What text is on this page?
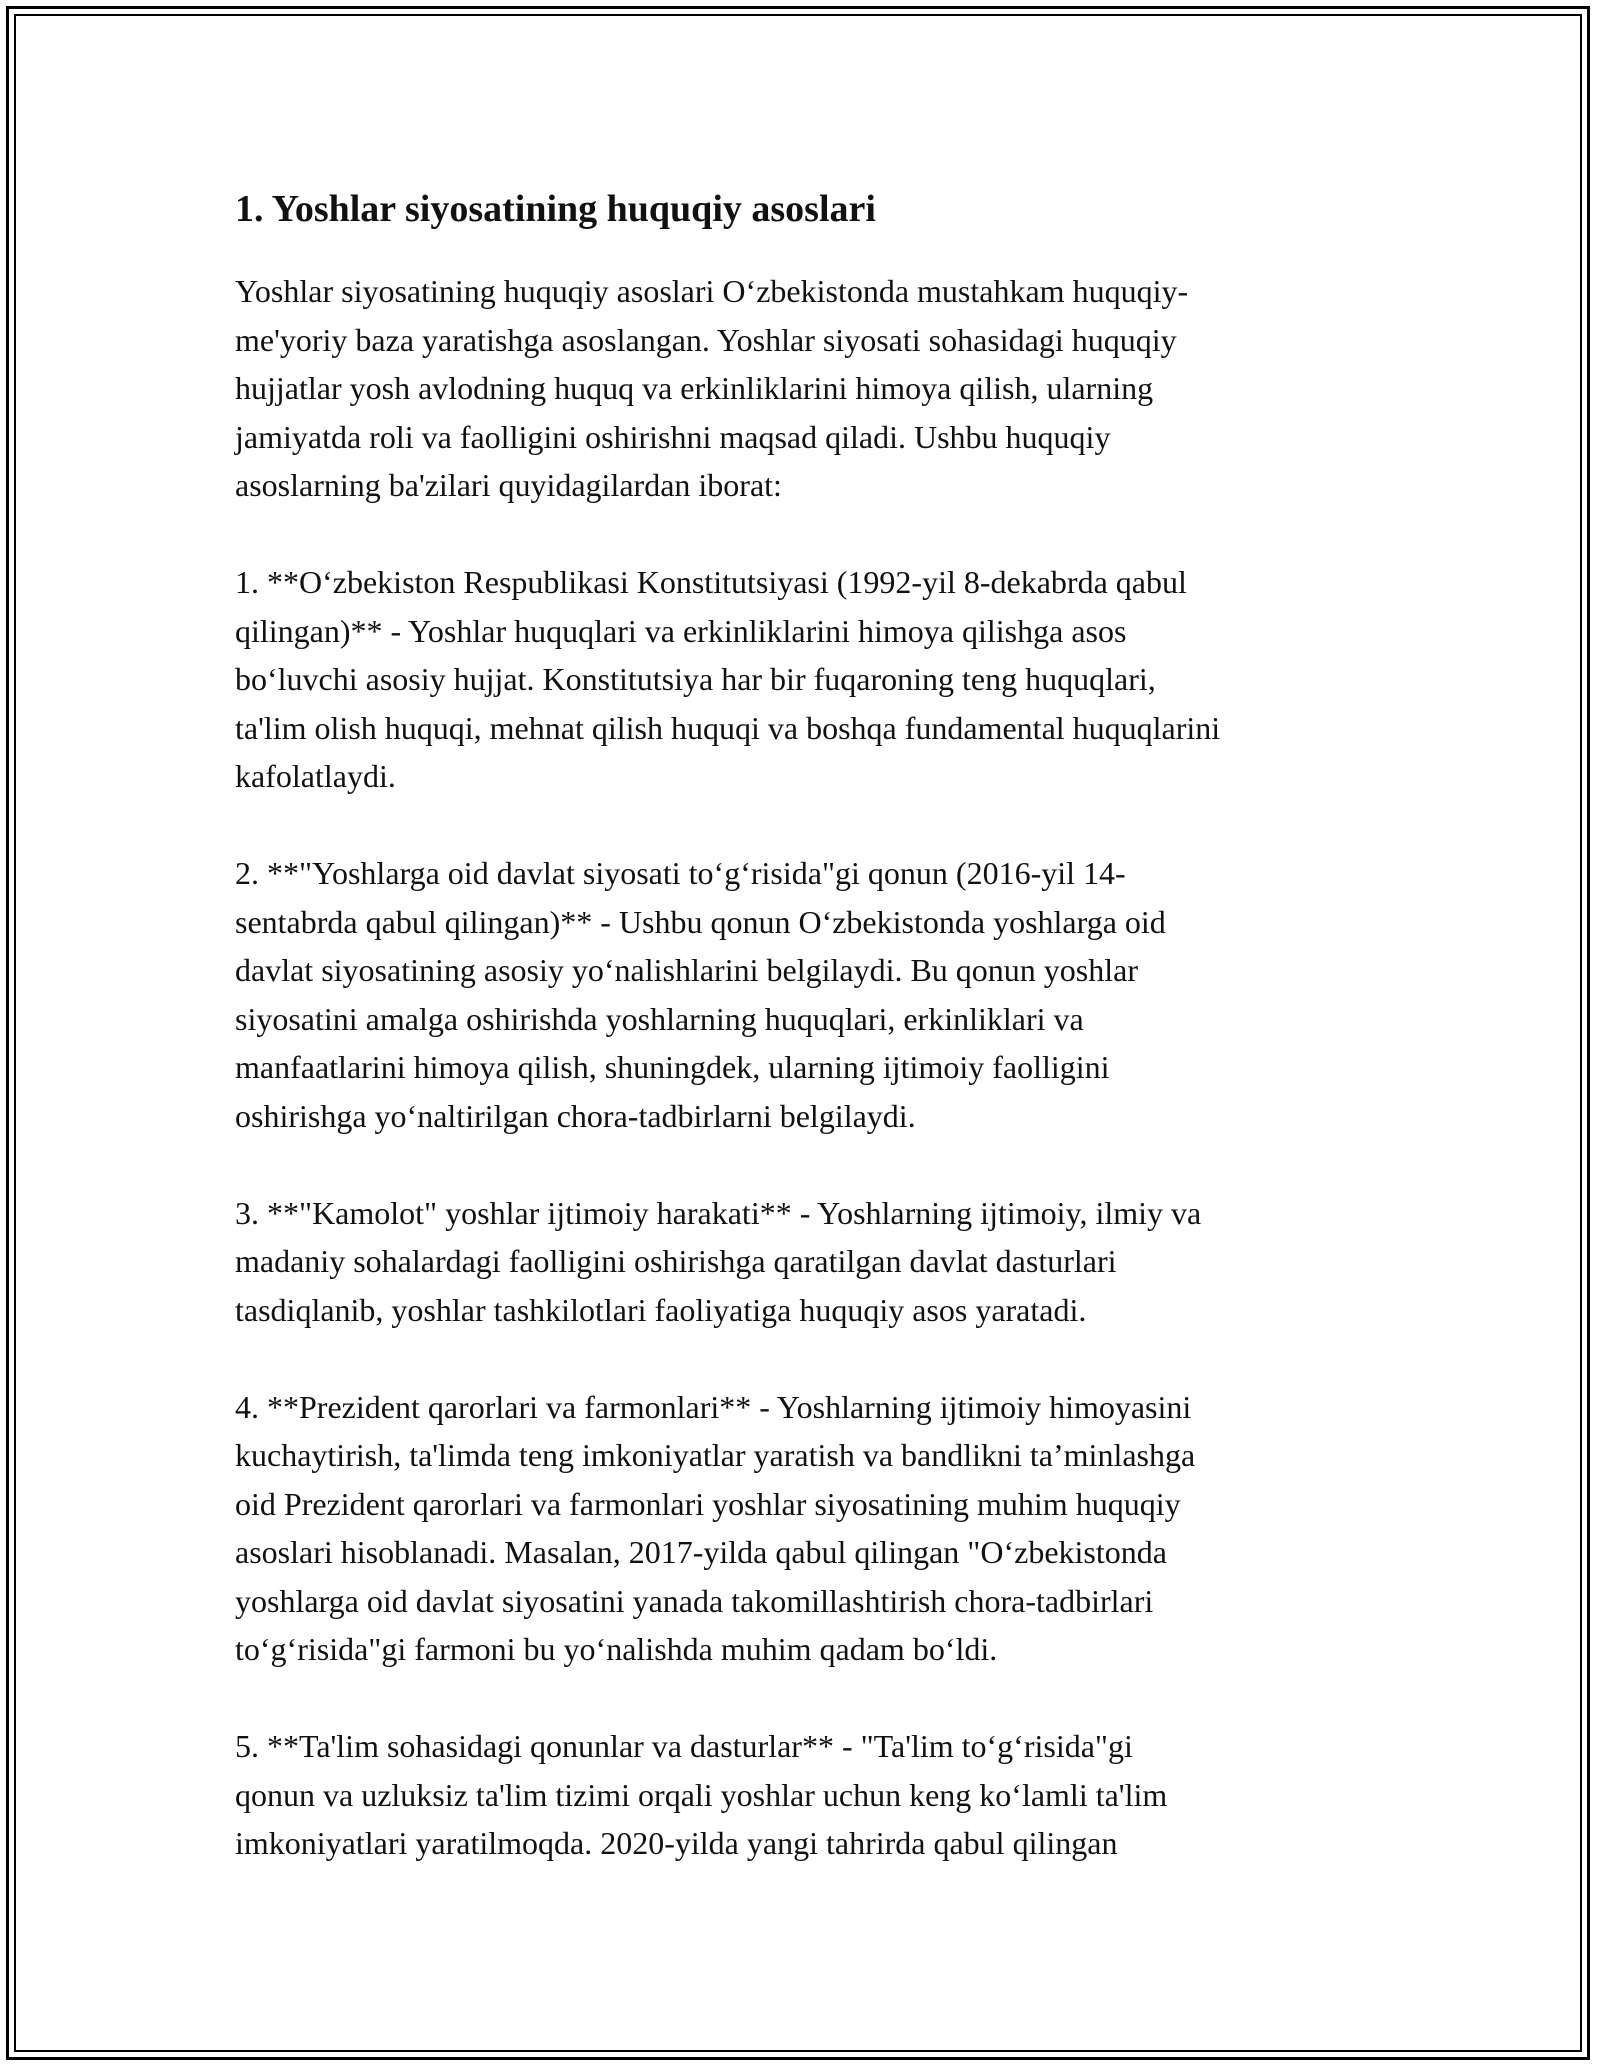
1. Yoshlar siyosatining huquqiy asoslari

Yoshlar siyosatining huquqiy asoslari O‘zbekistonda mustahkam huquqiy-
me'yoriy baza yaratishga asoslangan. Yoshlar siyosati sohasidagi huquqiy
hujjatlar yosh avlodning huquq va erkinliklarini himoya qilish, ularning
jamiyatda roli va faolligini oshirishni maqsad qiladi. Ushbu huquqiy
asoslarning ba'zilari quyidagilardan iborat:

1. **O‘zbekiston Respublikasi Konstitutsiyasi (1992-yil 8-dekabrda qabul
qilingan)** - Yoshlar huquqlari va erkinliklarini himoya qilishga asos
bo‘luvchi asosiy hujjat. Konstitutsiya har bir fuqaroning teng huquqlari,
ta'lim olish huquqi, mehnat qilish huquqi va boshqa fundamental huquqlarini
kafolatlaydi.

2. **"Yoshlarga oid davlat siyosati to‘g‘risida"gi qonun (2016-yil 14-
sentabrda qabul qilingan)** - Ushbu qonun O‘zbekistonda yoshlarga oid
davlat siyosatining asosiy yo‘nalishlarini belgilaydi. Bu qonun yoshlar
siyosatini amalga oshirishda yoshlarning huquqlari, erkinliklari va
manfaatlarini himoya qilish, shuningdek, ularning ijtimoiy faolligini
oshirishga yo‘naltirilgan chora-tadbirlarni belgilaydi.

3. **"Kamolot" yoshlar ijtimoiy harakati** - Yoshlarning ijtimoiy, ilmiy va
madaniy sohalardagi faolligini oshirishga qaratilgan davlat dasturlari
tasdiqlanib, yoshlar tashkilotlari faoliyatiga huquqiy asos yaratadi.

4. **Prezident qarorlari va farmonlari** - Yoshlarning ijtimoiy himoyasini
kuchaytirish, ta'limda teng imkoniyatlar yaratish va bandlikni ta’minlashga
oid Prezident qarorlari va farmonlari yoshlar siyosatining muhim huquqiy
asoslari hisoblanadi. Masalan, 2017-yilda qabul qilingan "O‘zbekistonda
yoshlarga oid davlat siyosatini yanada takomillashtirish chora-tadbirlari
to‘g‘risida"gi farmoni bu yo‘nalishda muhim qadam bo‘ldi.

5. **Ta'lim sohasidagi qonunlar va dasturlar** - "Ta'lim to‘g‘risida"gi
qonun va uzluksiz ta'lim tizimi orqali yoshlar uchun keng ko‘lamli ta'lim
imkoniyatlari yaratilmoqda. 2020-yilda yangi tahrirda qabul qilingan
